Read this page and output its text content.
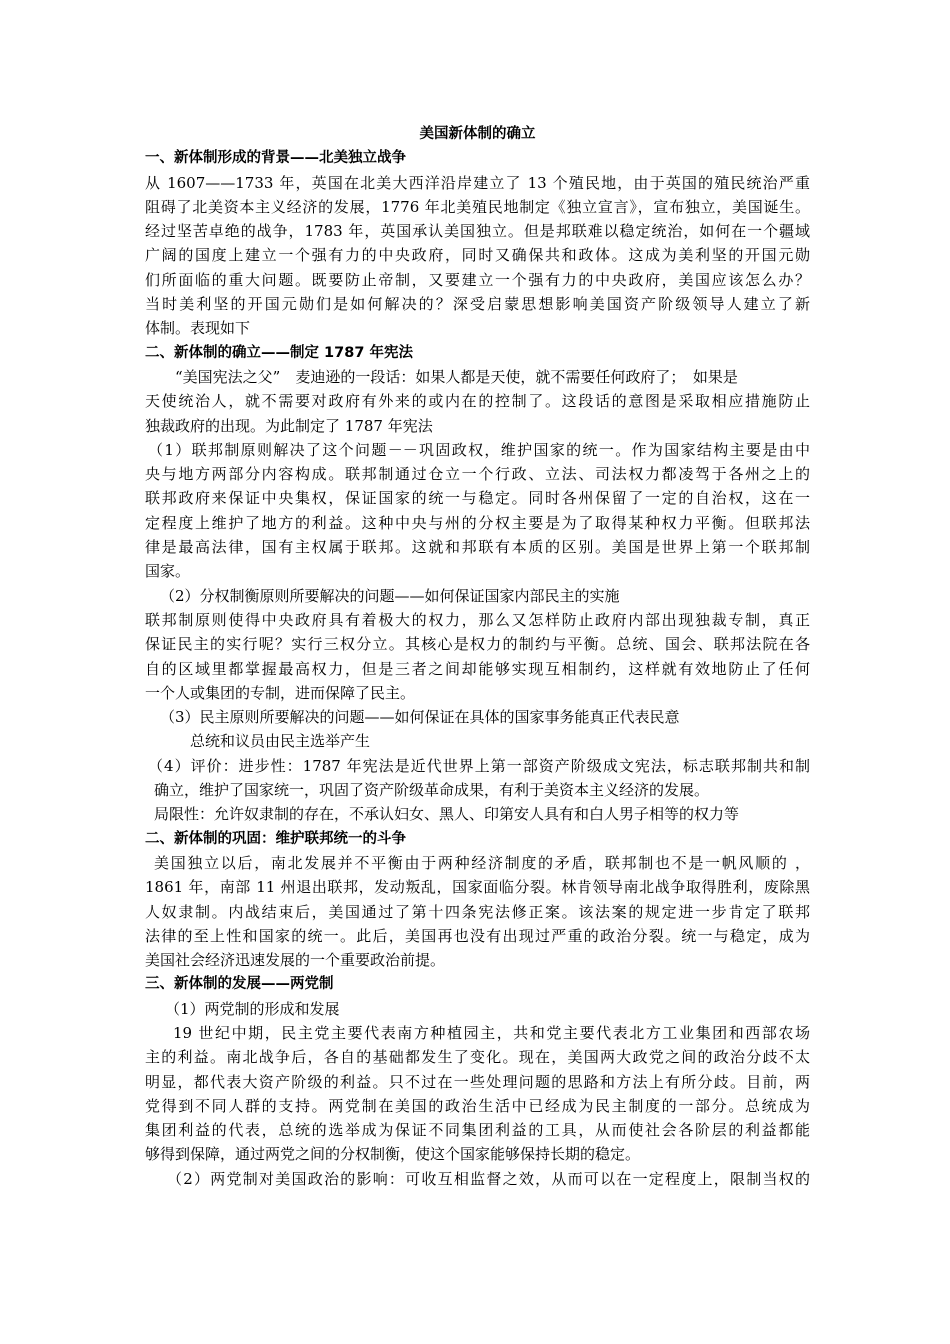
美国新体制的确立
一、新体制形成的背景——北美独立战争
从 1607——1733 年，英国在北美大西洋沿岸建立了 13 个殖民地，由于英国的殖民统治严重
阻碍了北美资本主义经济的发展，1776 年北美殖民地制定《独立宣言》，宣布独立，美国诞生。
经过坚苦卓绝的战争，1783 年，英国承认美国独立。但是邦联难以稳定统治，如何在一个疆域
广阔的国度上建立一个强有力的中央政府，同时又确保共和政体。这成为美利坚的开国元勋
们所面临的重大问题。既要防止帝制，又要建立一个强有力的中央政府，美国应该怎么办？
当时美利坚的开国元勋们是如何解决的？深受启蒙思想影响美国资产阶级领导人建立了新
体制。表现如下
二、新体制的确立——制定 1787 年宪法
“美国宪法之父”　麦迪逊的一段话：如果人都是天使，就不需要任何政府了；　如果是
天使统治人，就不需要对政府有外来的或内在的控制了。这段话的意图是采取相应措施防止
独裁政府的出现。为此制定了 1787 年宪法
（1）联邦制原则解决了这个问题－－巩固政权，维护国家的统一。作为国家结构主要是由中
央与地方两部分内容构成。联邦制通过仓立一个行政、立法、司法权力都凌驾于各州之上的
联邦政府来保证中央集权，保证国家的统一与稳定。同时各州保留了一定的自治权，这在一
定程度上维护了地方的利益。这种中央与州的分权主要是为了取得某种权力平衡。但联邦法
律是最高法律，国有主权属于联邦。这就和邦联有本质的区别。美国是世界上第一个联邦制
国家。
（2）分权制衡原则所要解决的问题——如何保证国家内部民主的实施
联邦制原则使得中央政府具有着极大的权力，那么又怎样防止政府内部出现独裁专制，真正
保证民主的实行呢？实行三权分立。其核心是权力的制约与平衡。总统、国会、联邦法院在各
自的区域里都掌握最高权力，但是三者之间却能够实现互相制约，这样就有效地防止了任何
一个人或集团的专制，进而保障了民主。
（3）民主原则所要解决的问题——如何保证在具体的国家事务能真正代表民意
总统和议员由民主选举产生
（4）评价：进步性：1787 年宪法是近代世界上第一部资产阶级成文宪法，标志联邦制共和制
确立，维护了国家统一，巩固了资产阶级革命成果，有利于美资本主义经济的发展。
局限性：允许奴隶制的存在，不承认妇女、黑人、印第安人具有和白人男子相等的权力等
二、新体制的巩固：维护联邦统一的斗争
美国独立以后，南北发展并不平衡由于两种经济制度的矛盾，联邦制也不是一帆风顺的 ，
1861 年，南部 11 州退出联邦，发动叛乱，国家面临分裂。林肯领导南北战争取得胜利，废除黑
人奴隶制。内战结束后，美国通过了第十四条宪法修正案。该法案的规定进一步肯定了联邦
法律的至上性和国家的统一。此后，美国再也没有出现过严重的政治分裂。统一与稳定，成为
美国社会经济迅速发展的一个重要政治前提。
三、新体制的发展——两党制
（1）两党制的形成和发展
19 世纪中期，民主党主要代表南方种植园主，共和党主要代表北方工业集团和西部农场
主的利益。南北战争后，各自的基础都发生了变化。现在，美国两大政党之间的政治分歧不太
明显，都代表大资产阶级的利益。只不过在一些处理问题的思路和方法上有所分歧。目前，两
党得到不同人群的支持。两党制在美国的政治生活中已经成为民主制度的一部分。总统成为
集团利益的代表，总统的选举成为保证不同集团利益的工具，从而使社会各阶层的利益都能
够得到保障，通过两党之间的分权制衡，使这个国家能够保持长期的稳定。
（2）两党制对美国政治的影响：可收互相监督之效，从而可以在一定程度上，限制当权的
